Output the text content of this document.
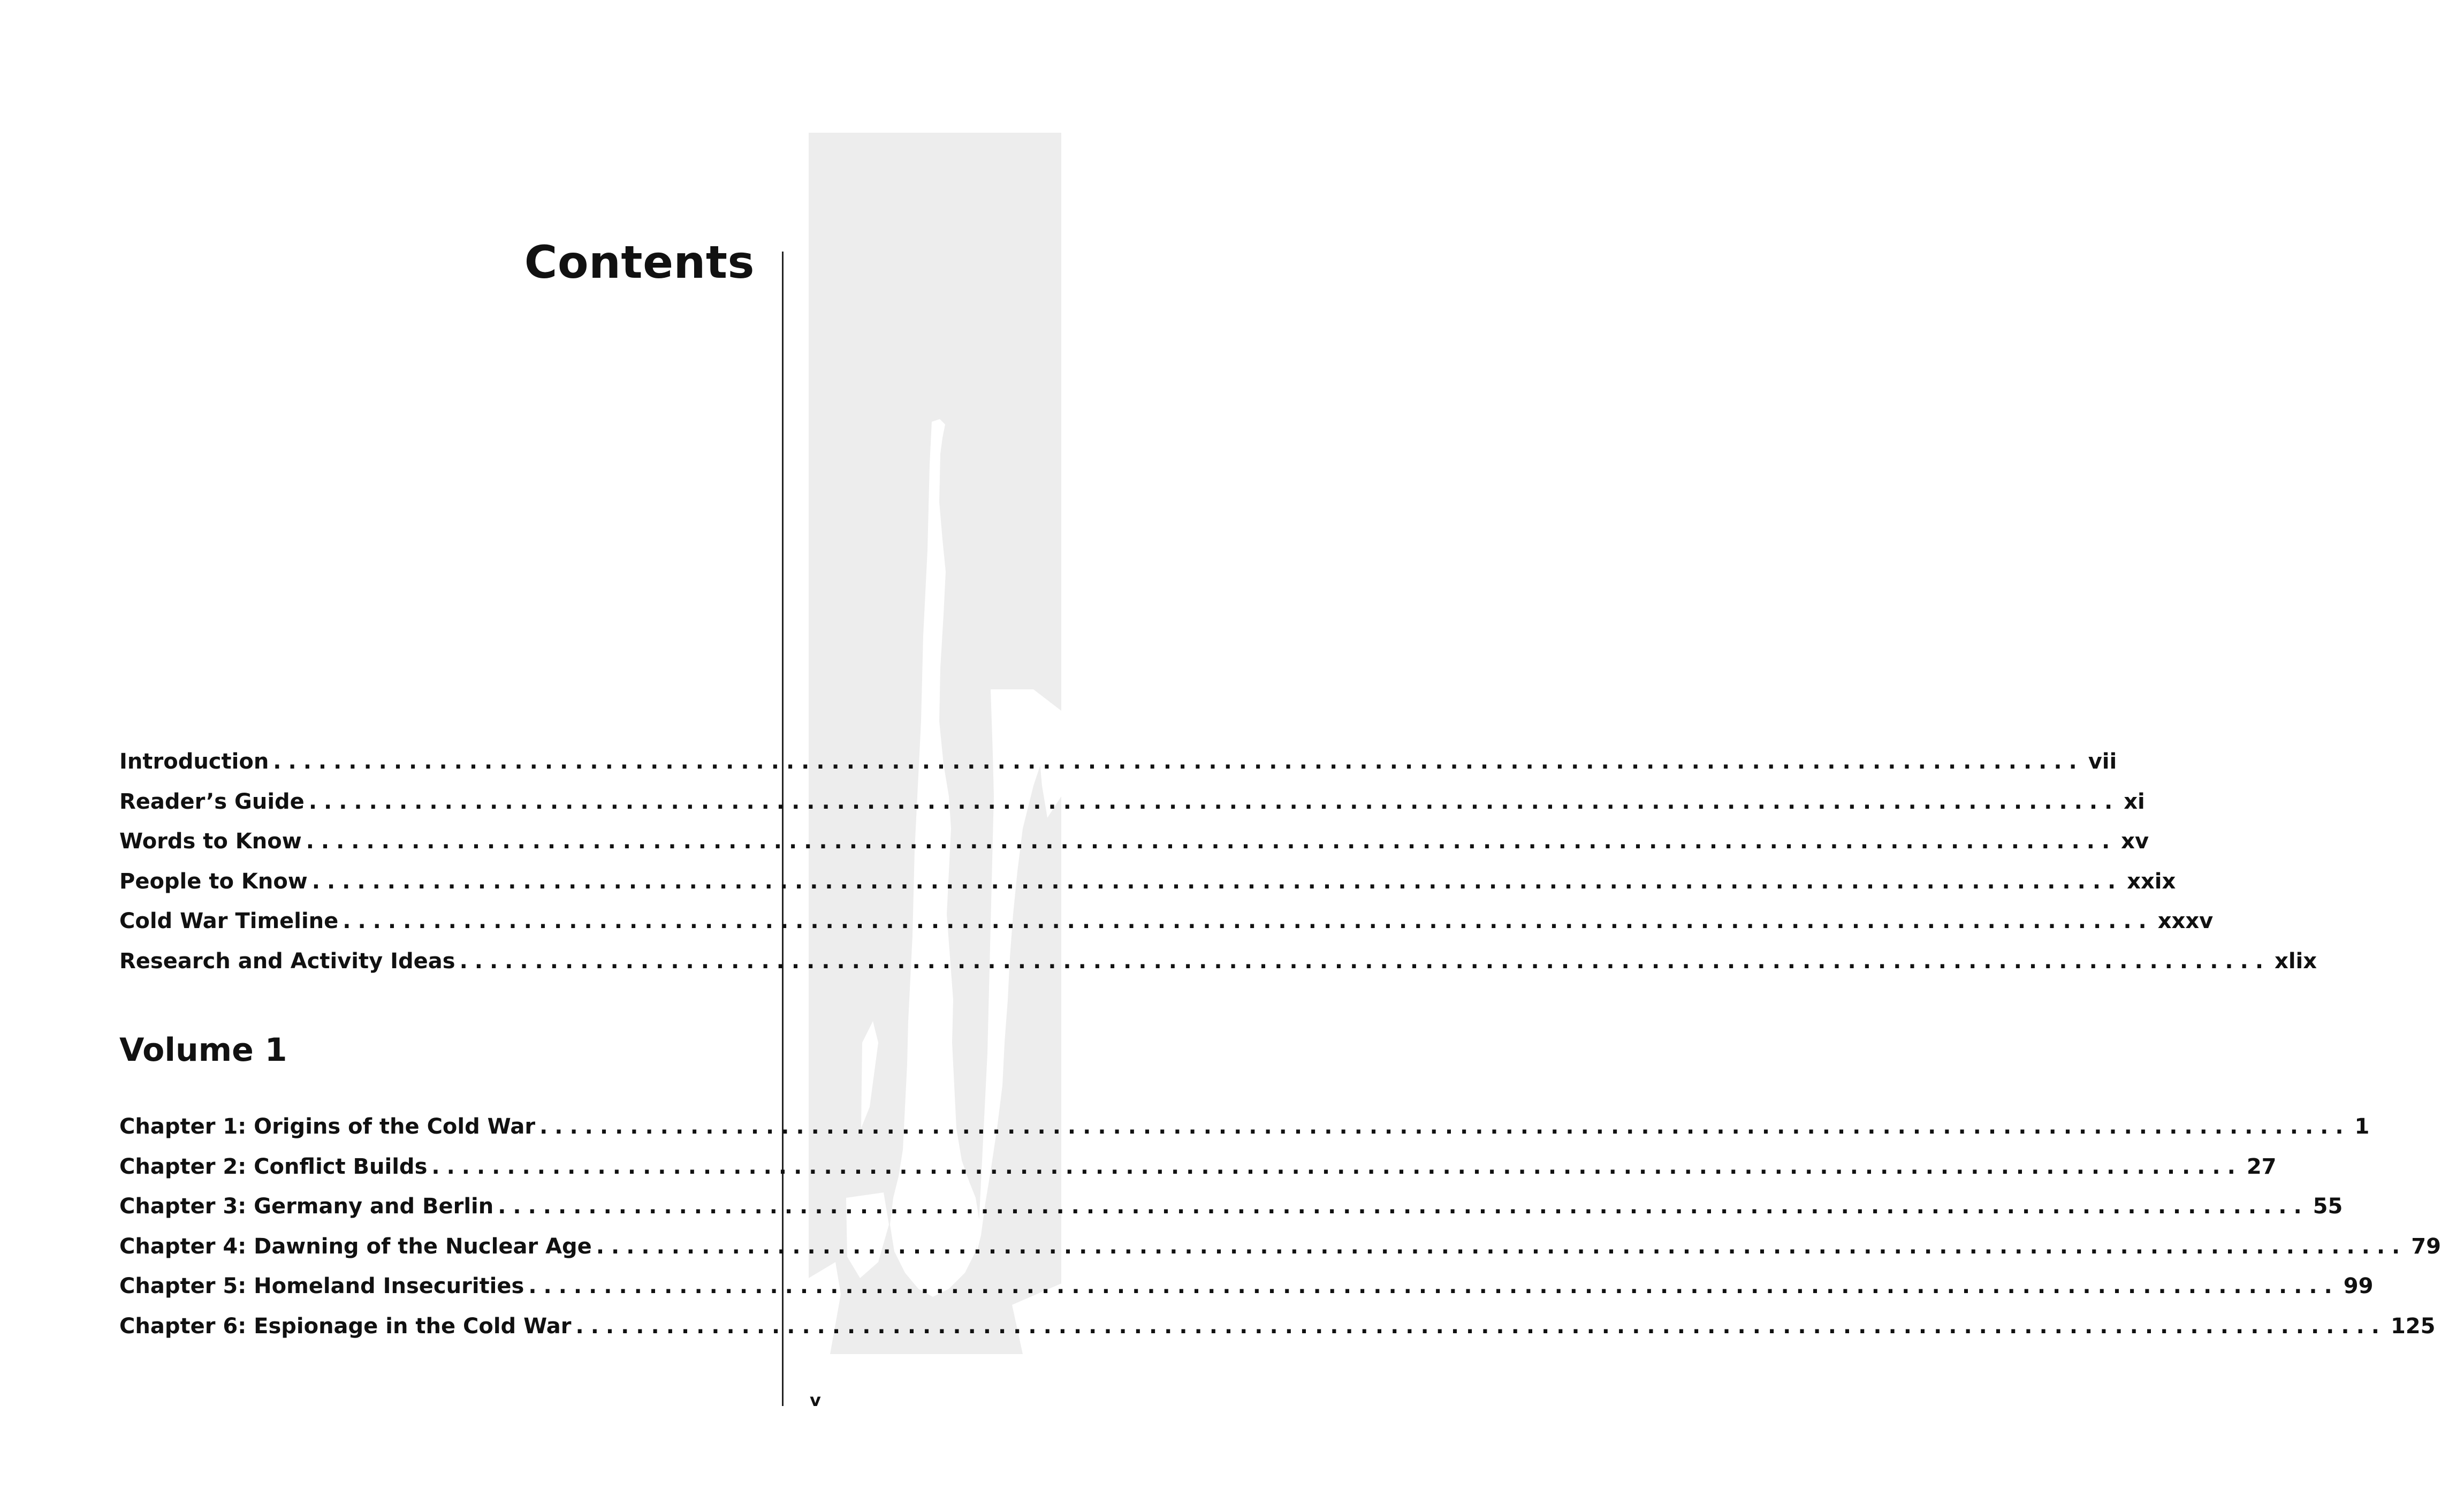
Contents
Introduction ........................................................................................................................ vii
Reader’s Guide ........................................................................................................................ xi
Words to Know ........................................................................................................................ xv
People to Know ........................................................................................................................ xxix
Cold War Timeline ........................................................................................................................ xxxv
Research and Activity Ideas ........................................................................................................................ xlix
Volume 1
Chapter 1: Origins of the Cold War ........................................................................................................................ 1
Chapter 2: Conflict Builds ........................................................................................................................ 27
Chapter 3: Germany and Berlin ........................................................................................................................ 55
Chapter 4: Dawning of the Nuclear Age ........................................................................................................................ 79
Chapter 5: Homeland Insecurities ........................................................................................................................ 99
Chapter 6: Espionage in the Cold War ........................................................................................................................ 125
v
